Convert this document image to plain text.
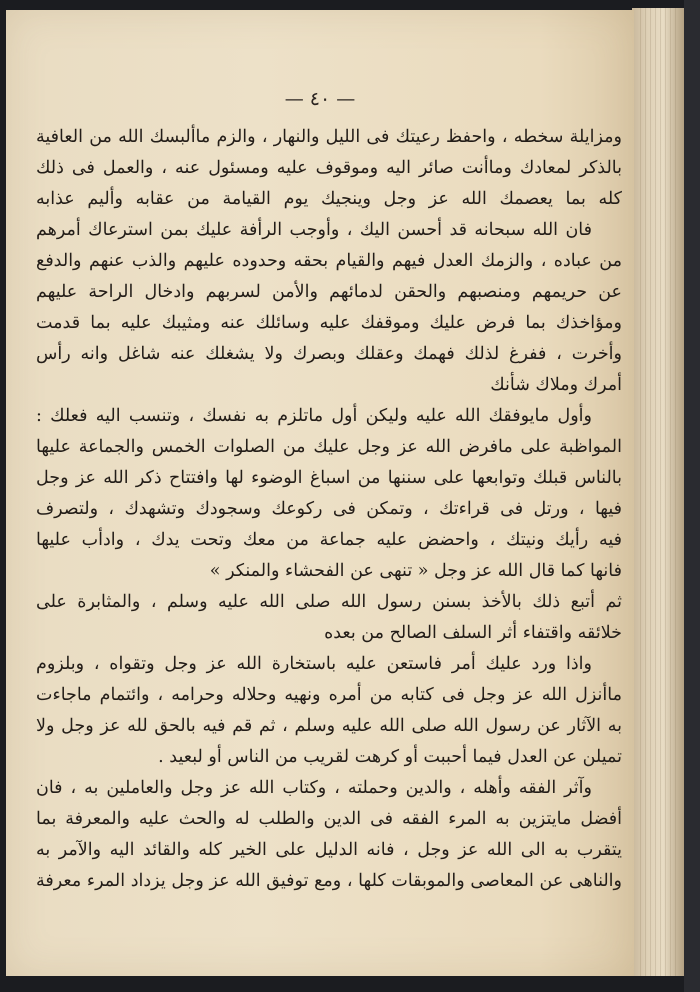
— ٤٠ —
ومزايلة سخطه ، واحفظ رعيتك فى الليل والنهار ، والزم ماألبسك الله من العافية
بالذكر لمعادك وماأنت صائر اليه وموقوف عليه ومسئول عنه ، والعمل فى ذلك
كله بما يعصمك الله عز وجل وينجيك يوم القيامة من عقابه وأليم عذابه
فان الله سبحانه قد أحسن اليك ، وأوجب الرأفة عليك بمن استرعاك أمرهم
من عباده ، والزمك العدل فيهم والقيام بحقه وحدوده عليهم والذب عنهم والدفع
عن حريمهم ومنصبهم والحقن لدمائهم والأمن لسربهم وادخال الراحة عليهم
ومؤاخذك بما فرض عليك وموقفك عليه وسائلك عنه ومثيبك عليه بما قدمت
وأخرت ، ففرغ لذلك فهمك وعقلك وبصرك ولا يشغلك عنه شاغل وانه رأس
أمرك وملاك شأنك
وأول مايوفقك الله عليه وليكن أول ماتلزم به نفسك ، وتنسب اليه فعلك :
المواظبة على مافرض الله عز وجل عليك من الصلوات الخمس والجماعة عليها
بالناس قبلك وتوابعها على سننها من اسباغ الوضوء لها وافتتاح ذكر الله عز وجل
فيها ، ورتل فى قراءتك ، وتمكن فى ركوعك وسجودك وتشهدك ، ولتصرف
فيه رأيك ونيتك ، واحضض عليه جماعة من معك وتحت يدك ، وادأب عليها
فانها كما قال الله عز وجل « تنهى عن الفحشاء والمنكر »
ثم أتبع ذلك بالأخذ بسنن رسول الله صلى الله عليه وسلم ، والمثابرة على
خلائقه واقتفاء أثر السلف الصالح من بعده
واذا ورد عليك أمر فاستعن عليه باستخارة الله عز وجل وتقواه ، وبلزوم
ماأنزل الله عز وجل فى كتابه من أمره ونهيه وحلاله وحرامه ، وائتمام ماجاءت
به الآثار عن رسول الله صلى الله عليه وسلم ، ثم قم فيه بالحق لله عز وجل ولا
تميلن عن العدل فيما أحببت أو كرهت لقريب من الناس أو لبعيد .
وآثر الفقه وأهله ، والدين وحملته ، وكتاب الله عز وجل والعاملين به ، فان
أفضل مايتزين به المرء الفقه فى الدين والطلب له والحث عليه والمعرفة بما
يتقرب به الى الله عز وجل ، فانه الدليل على الخير كله والقائد اليه والآمر به
والناهى عن المعاصى والموبقات كلها ، ومع توفيق الله عز وجل يزداد المرء معرفة
